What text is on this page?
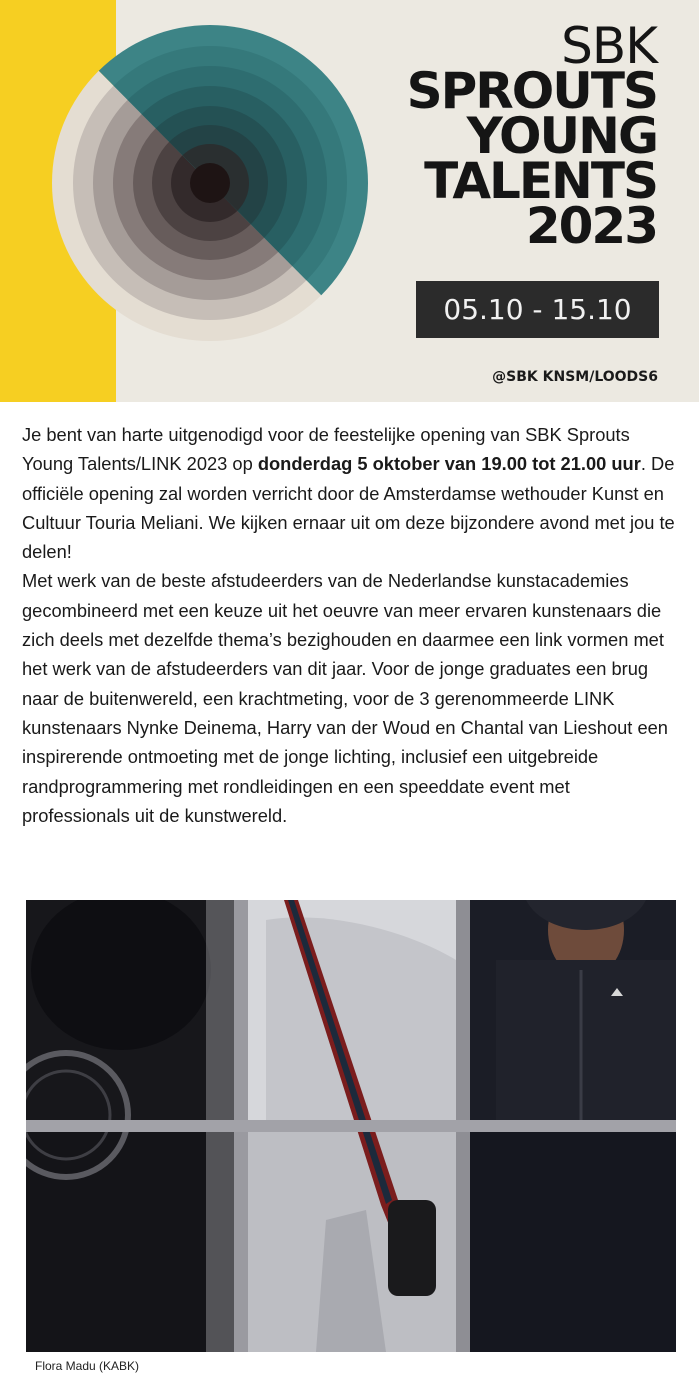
SBK
SPROUTS
YOUNG
TALENTS
2023
05.10 - 15.10
@SBK KNSM/LOODS6

Je bent van harte uitgenodigd voor de feestelijke opening van SBK Sprouts Young Talents/LINK 2023 op donderdag 5 oktober van 19.00 tot 21.00 uur. De officiële opening zal worden verricht door de Amsterdamse wethouder Kunst en Cultuur Touria Meliani. We kijken ernaar uit om deze bijzondere avond met jou te delen!

Met werk van de beste afstudeerders van de Nederlandse kunstacademies gecombineerd met een keuze uit het oeuvre van meer ervaren kunstenaars die zich deels met dezelfde thema’s bezighouden en daarmee een link vormen met het werk van de afstudeerders van dit jaar. Voor de jonge graduates een brug naar de buitenwereld, een krachtmeting, voor de 3 gerenommeerde LINK kunstenaars Nynke Deinema, Harry van der Woud en Chantal van Lieshout een inspirerende ontmoeting met de jonge lichting, inclusief een uitgebreide randprogrammering met rondleidingen en een speeddate event met professionals uit de kunstwereld.

Flora Madu (KABK)
